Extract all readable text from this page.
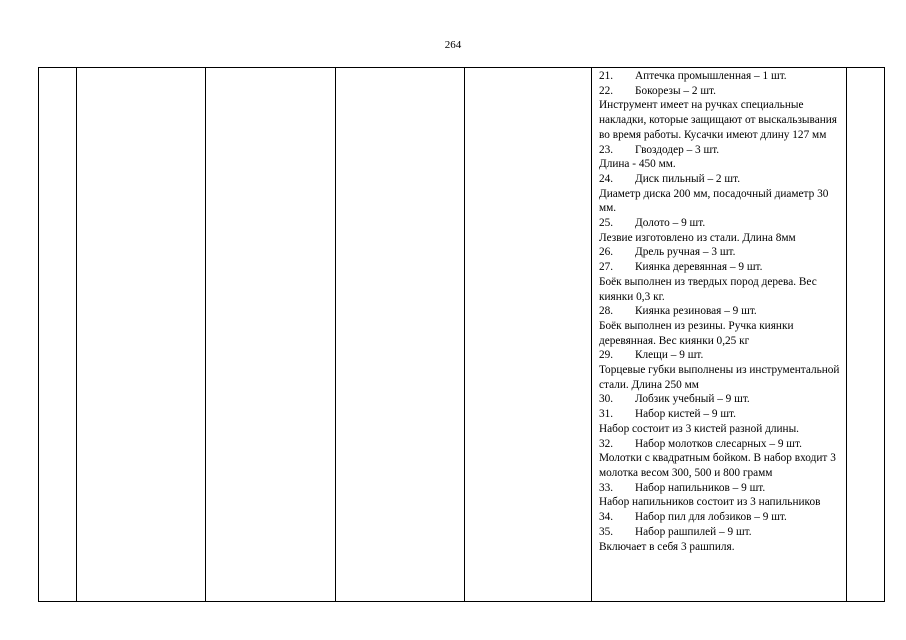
264

21. Аптечка промышленная – 1 шт.
22. Бокорезы – 2 шт.
Инструмент имеет на ручках специальные накладки, которые защищают от выскальзывания во время работы. Кусачки имеют длину 127 мм
23. Гвоздодер – 3 шт.
Длина - 450 мм.
24. Диск пильный – 2 шт.
Диаметр диска 200 мм, посадочный диаметр 30 мм.
25. Долото – 9 шт.
Лезвие изготовлено из стали. Длина 8мм
26. Дрель ручная – 3 шт.
27. Киянка деревянная – 9 шт.
Боёк выполнен из твердых пород дерева. Вес киянки 0,3 кг.
28. Киянка резиновая – 9 шт.
Боёк выполнен из резины. Ручка киянки деревянная. Вес киянки 0,25 кг
29. Клещи – 9 шт.
Торцевые губки выполнены из инструментальной стали. Длина 250 мм
30. Лобзик учебный – 9 шт.
31. Набор кистей – 9 шт.
Набор состоит из 3 кистей разной длины.
32. Набор молотков слесарных – 9 шт.
Молотки с квадратным бойком. В набор входит 3 молотка весом 300, 500 и 800 грамм
33. Набор напильников – 9 шт.
Набор напильников состоит из 3 напильников
34. Набор пил для лобзиков – 9 шт.
35. Набор рашпилей – 9 шт.
Включает в себя 3 рашпиля.
